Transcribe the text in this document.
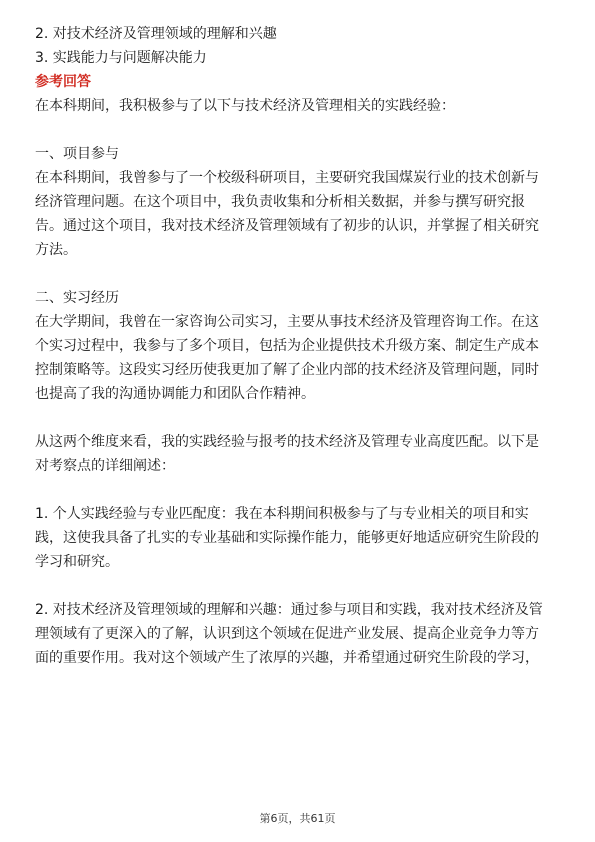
2. 对技术经济及管理领域的理解和兴趣
3. 实践能力与问题解决能力
参考回答
在本科期间，我积极参与了以下与技术经济及管理相关的实践经验：
一、项目参与
在本科期间，我曾参与了一个校级科研项目，主要研究我国煤炭行业的技术创新与
经济管理问题。在这个项目中，我负责收集和分析相关数据，并参与撰写研究报
告。通过这个项目，我对技术经济及管理领域有了初步的认识，并掌握了相关研究
方法。
二、实习经历
在大学期间，我曾在一家咨询公司实习，主要从事技术经济及管理咨询工作。在这
个实习过程中，我参与了多个项目，包括为企业提供技术升级方案、制定生产成本
控制策略等。这段实习经历使我更加了解了企业内部的技术经济及管理问题，同时
也提高了我的沟通协调能力和团队合作精神。
从这两个维度来看，我的实践经验与报考的技术经济及管理专业高度匹配。以下是
对考察点的详细阐述：
1. 个人实践经验与专业匹配度：我在本科期间积极参与了与专业相关的项目和实
践，这使我具备了扎实的专业基础和实际操作能力，能够更好地适应研究生阶段的
学习和研究。
2. 对技术经济及管理领域的理解和兴趣：通过参与项目和实践，我对技术经济及管
理领域有了更深入的了解，认识到这个领域在促进产业发展、提高企业竞争力等方
面的重要作用。我对这个领域产生了浓厚的兴趣，并希望通过研究生阶段的学习，
第6页，共61页
